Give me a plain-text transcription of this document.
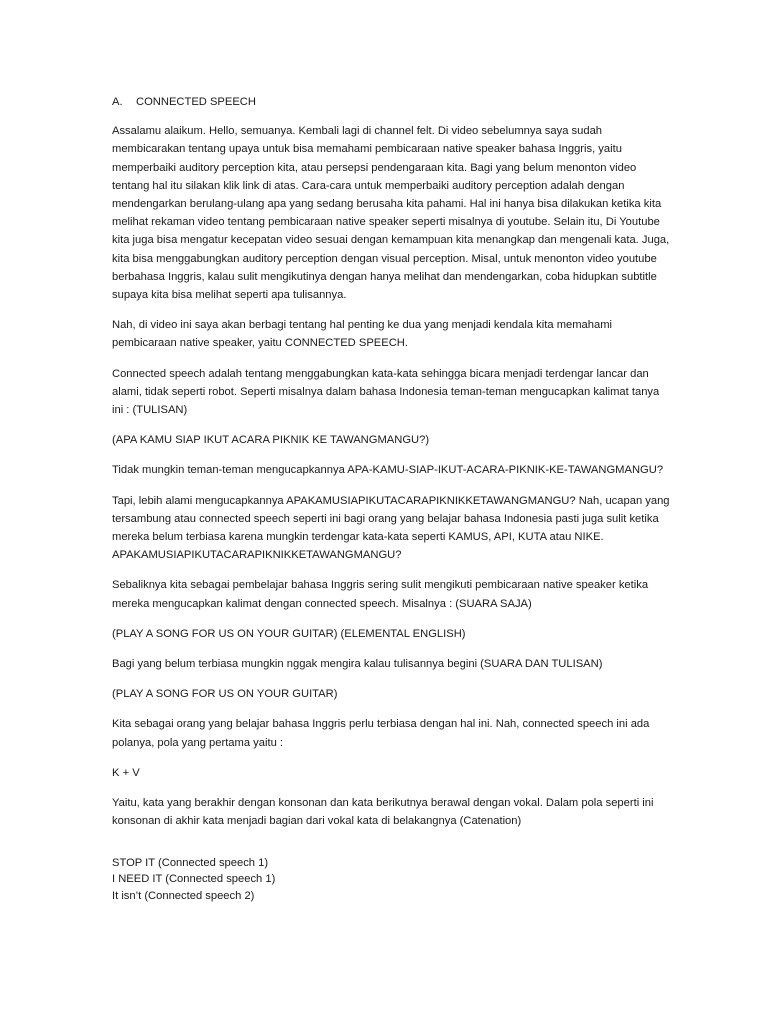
A.	CONNECTED SPEECH

Assalamu alaikum. Hello, semuanya. Kembali lagi di channel felt. Di video sebelumnya saya sudah membicarakan tentang upaya untuk bisa memahami pembicaraan native speaker bahasa Inggris, yaitu memperbaiki auditory perception kita, atau persepsi pendengaraan kita. Bagi yang belum menonton video tentang hal itu silakan klik link di atas. Cara-cara untuk memperbaiki auditory perception adalah dengan mendengarkan berulang-ulang apa yang sedang berusaha kita pahami. Hal ini hanya bisa dilakukan ketika kita melihat rekaman video tentang pembicaraan native speaker seperti misalnya di youtube. Selain itu, Di Youtube kita juga bisa mengatur kecepatan video sesuai dengan kemampuan kita menangkap dan mengenali kata. Juga, kita bisa menggabungkan auditory perception dengan visual perception. Misal, untuk menonton video youtube berbahasa Inggris, kalau sulit mengikutinya dengan hanya melihat dan mendengarkan, coba hidupkan subtitle supaya kita bisa melihat seperti apa tulisannya.

Nah, di video ini saya akan berbagi tentang hal penting ke dua yang menjadi kendala kita memahami pembicaraan native speaker, yaitu CONNECTED SPEECH.

Connected speech adalah tentang menggabungkan kata-kata sehingga bicara menjadi terdengar lancar dan alami, tidak seperti robot. Seperti misalnya dalam bahasa Indonesia teman-teman mengucapkan kalimat tanya ini : (TULISAN)

(APA KAMU SIAP IKUT ACARA PIKNIK KE TAWANGMANGU?)

Tidak mungkin teman-teman mengucapkannya APA-KAMU-SIAP-IKUT-ACARA-PIKNIK-KE-TAWANGMANGU?

Tapi, lebih alami mengucapkannya APAKAMUSIAPIKUTACARAPIKNIKKETAWANGMANGU? Nah, ucapan yang tersambung atau connected speech seperti ini bagi orang yang belajar bahasa Indonesia pasti juga sulit ketika mereka belum terbiasa karena mungkin terdengar kata-kata seperti KAMUS, API, KUTA atau NIKE. APAKAMUSIAPIKUTACARAPIKNIKKETAWANGMANGU?

Sebaliknya kita sebagai pembelajar bahasa Inggris sering sulit mengikuti pembicaraan native speaker ketika mereka mengucapkan kalimat dengan connected speech. Misalnya : (SUARA SAJA)

(PLAY A SONG FOR US ON YOUR GUITAR) (ELEMENTAL ENGLISH)

Bagi yang belum terbiasa mungkin nggak mengira kalau tulisannya begini (SUARA DAN TULISAN)

(PLAY A SONG FOR US ON YOUR GUITAR)

Kita sebagai orang yang belajar bahasa Inggris perlu terbiasa dengan hal ini. Nah, connected speech ini ada polanya, pola yang pertama yaitu :

K + V

Yaitu, kata yang berakhir dengan konsonan dan kata berikutnya berawal dengan vokal. Dalam pola seperti ini konsonan di akhir kata menjadi bagian dari vokal kata di belakangnya (Catenation)

STOP IT (Connected speech 1)
I NEED IT (Connected speech 1)
It isn’t (Connected speech 2)
